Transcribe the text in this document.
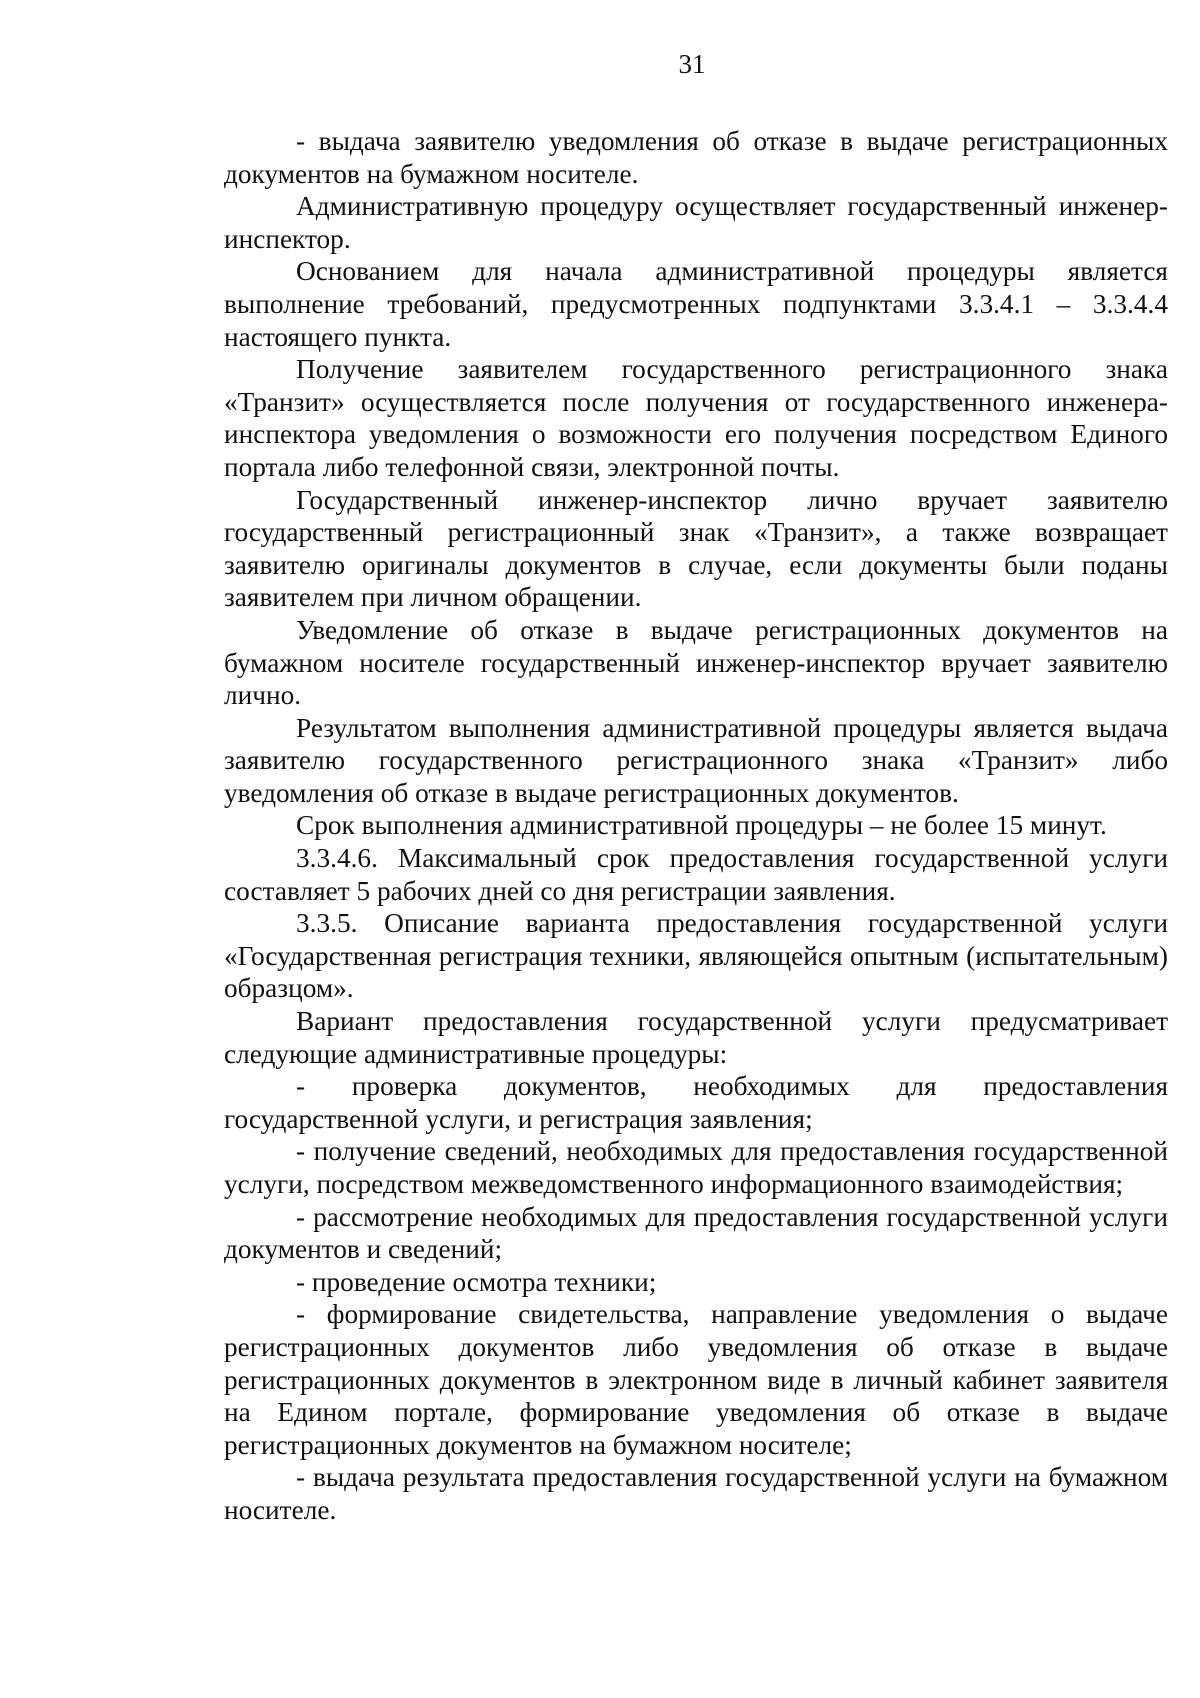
31

- выдача заявителю уведомления об отказе в выдаче регистрационных документов на бумажном носителе.

Административную процедуру осуществляет государственный инженер-инспектор.

Основанием для начала административной процедуры является выполнение требований, предусмотренных подпунктами 3.3.4.1 – 3.3.4.4 настоящего пункта.

Получение заявителем государственного регистрационного знака «Транзит» осуществляется после получения от государственного инженера-инспектора уведомления о возможности его получения посредством Единого портала либо телефонной связи, электронной почты.

Государственный инженер-инспектор лично вручает заявителю государственный регистрационный знак «Транзит», а также возвращает заявителю оригиналы документов в случае, если документы были поданы заявителем при личном обращении.

Уведомление об отказе в выдаче регистрационных документов на бумажном носителе государственный инженер-инспектор вручает заявителю лично.

Результатом выполнения административной процедуры является выдача заявителю государственного регистрационного знака «Транзит» либо уведомления об отказе в выдаче регистрационных документов.

Срок выполнения административной процедуры – не более 15 минут.

3.3.4.6. Максимальный срок предоставления государственной услуги составляет 5 рабочих дней со дня регистрации заявления.

3.3.5. Описание варианта предоставления государственной услуги «Государственная регистрация техники, являющейся опытным (испытательным) образцом».

Вариант предоставления государственной услуги предусматривает следующие административные процедуры:

- проверка документов, необходимых для предоставления государственной услуги, и регистрация заявления;

- получение сведений, необходимых для предоставления государственной услуги, посредством межведомственного информационного взаимодействия;

- рассмотрение необходимых для предоставления государственной услуги документов и сведений;

- проведение осмотра техники;

- формирование свидетельства, направление уведомления о выдаче регистрационных документов либо уведомления об отказе в выдаче регистрационных документов в электронном виде в личный кабинет заявителя на Едином портале, формирование уведомления об отказе в выдаче регистрационных документов на бумажном носителе;

- выдача результата предоставления государственной услуги на бумажном носителе.
